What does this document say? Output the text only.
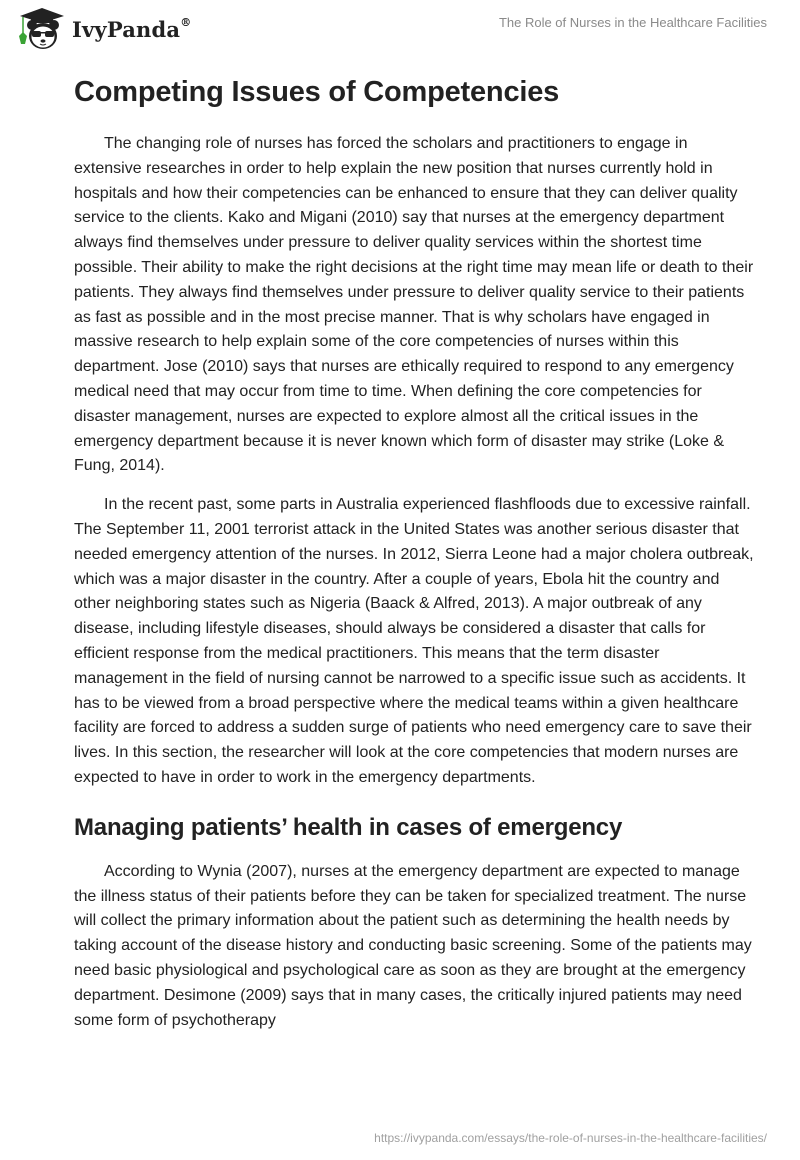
IvyPanda®	The Role of Nurses in the Healthcare Facilities
Competing Issues of Competencies

The changing role of nurses has forced the scholars and practitioners to engage in extensive researches in order to help explain the new position that nurses currently hold in hospitals and how their competencies can be enhanced to ensure that they can deliver quality service to the clients. Kako and Migani (2010) say that nurses at the emergency department always find themselves under pressure to deliver quality services within the shortest time possible. Their ability to make the right decisions at the right time may mean life or death to their patients. They always find themselves under pressure to deliver quality service to their patients as fast as possible and in the most precise manner. That is why scholars have engaged in massive research to help explain some of the core competencies of nurses within this department. Jose (2010) says that nurses are ethically required to respond to any emergency medical need that may occur from time to time. When defining the core competencies for disaster management, nurses are expected to explore almost all the critical issues in the emergency department because it is never known which form of disaster may strike (Loke & Fung, 2014).

In the recent past, some parts in Australia experienced flashfloods due to excessive rainfall. The September 11, 2001 terrorist attack in the United States was another serious disaster that needed emergency attention of the nurses. In 2012, Sierra Leone had a major cholera outbreak, which was a major disaster in the country. After a couple of years, Ebola hit the country and other neighboring states such as Nigeria (Baack & Alfred, 2013). A major outbreak of any disease, including lifestyle diseases, should always be considered a disaster that calls for efficient response from the medical practitioners. This means that the term disaster management in the field of nursing cannot be narrowed to a specific issue such as accidents. It has to be viewed from a broad perspective where the medical teams within a given healthcare facility are forced to address a sudden surge of patients who need emergency care to save their lives. In this section, the researcher will look at the core competencies that modern nurses are expected to have in order to work in the emergency departments.

Managing patients’ health in cases of emergency

According to Wynia (2007), nurses at the emergency department are expected to manage the illness status of their patients before they can be taken for specialized treatment. The nurse will collect the primary information about the patient such as determining the health needs by taking account of the disease history and conducting basic screening. Some of the patients may need basic physiological and psychological care as soon as they are brought at the emergency department. Desimone (2009) says that in many cases, the critically injured patients may need some form of psychotherapy

https://ivypanda.com/essays/the-role-of-nurses-in-the-healthcare-facilities/
